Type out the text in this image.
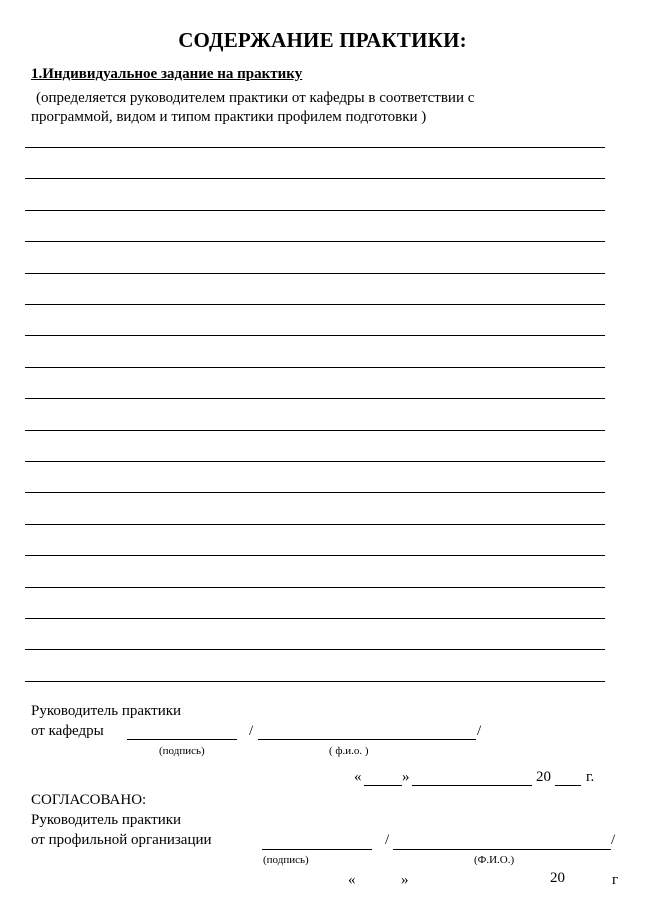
СОДЕРЖАНИЕ ПРАКТИКИ:
1.Индивидуальное задание на практику
(определяется руководителем практики от кафедры в соответствии с
программой, видом и типом практики профилем подготовки )
Руководитель практики
от кафедры	/	/
(подпись)	( ф.и.о. )
«	»	20 г.
СОГЛАСОВАНО:
Руководитель практики
от профильной организации	/	/
(подпись)	(Ф.И.О.)
«	»	20	г
